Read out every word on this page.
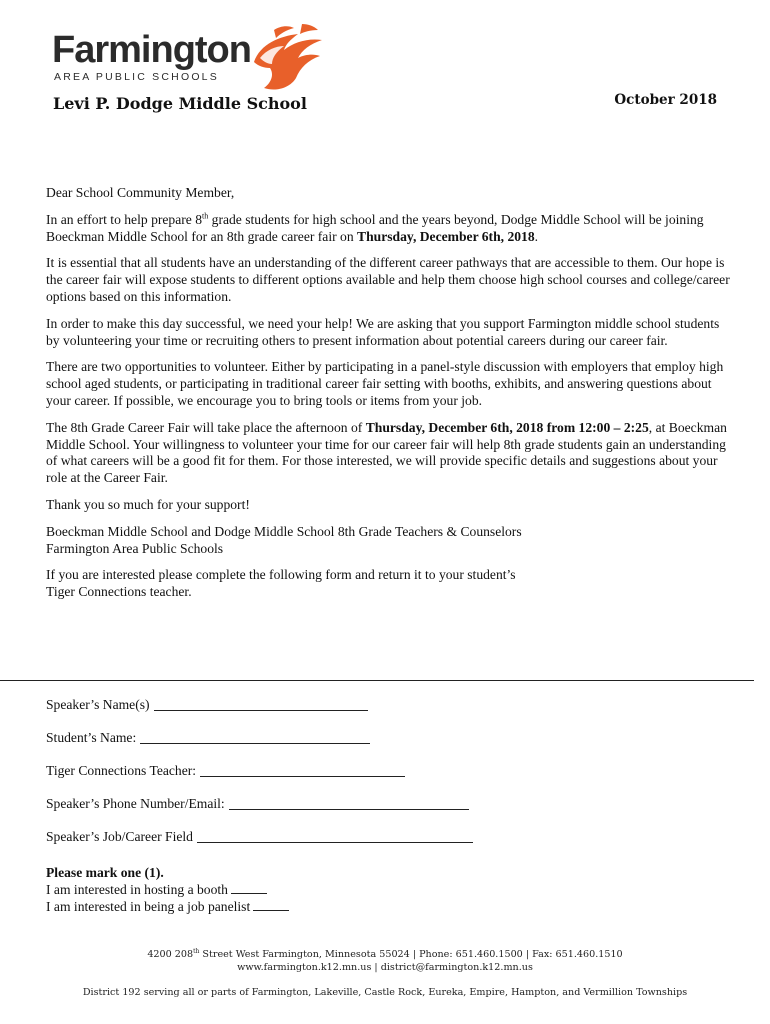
Farmington
AREA PUBLIC SCHOOLS
Levi P. Dodge Middle School	October 2018

Dear School Community Member,

In an effort to help prepare 8th grade students for high school and the years beyond, Dodge Middle School will be joining Boeckman Middle School for an 8th grade career fair on Thursday, December 6th, 2018.

It is essential that all students have an understanding of the different career pathways that are accessible to them. Our hope is the career fair will expose students to different options available and help them choose high school courses and college/career options based on this information.

In order to make this day successful, we need your help! We are asking that you support Farmington middle school students by volunteering your time or recruiting others to present information about potential careers during our career fair.

There are two opportunities to volunteer. Either by participating in a panel-style discussion with employers that employ high school aged students, or participating in traditional career fair setting with booths, exhibits, and answering questions about your career. If possible, we encourage you to bring tools or items from your job.

The 8th Grade Career Fair will take place the afternoon of Thursday, December 6th, 2018 from 12:00 – 2:25, at Boeckman Middle School. Your willingness to volunteer your time for our career fair will help 8th grade students gain an understanding of what careers will be a good fit for them. For those interested, we will provide specific details and suggestions about your role at the Career Fair.

Thank you so much for your support!

Boeckman Middle School and Dodge Middle School 8th Grade Teachers & Counselors
Farmington Area Public Schools

If you are interested please complete the following form and return it to your student’s
Tiger Connections teacher.

Speaker’s Name(s)
Student’s Name:
Tiger Connections Teacher:
Speaker’s Phone Number/Email:
Speaker’s Job/Career Field
Please mark one (1).
I am interested in hosting a booth
I am interested in being a job panelist
4200 208th Street West Farmington, Minnesota 55024 | Phone: 651.460.1500 | Fax: 651.460.1510
www.farmington.k12.mn.us | district@farmington.k12.mn.us
District 192 serving all or parts of Farmington, Lakeville, Castle Rock, Eureka, Empire, Hampton, and Vermillion Townships
